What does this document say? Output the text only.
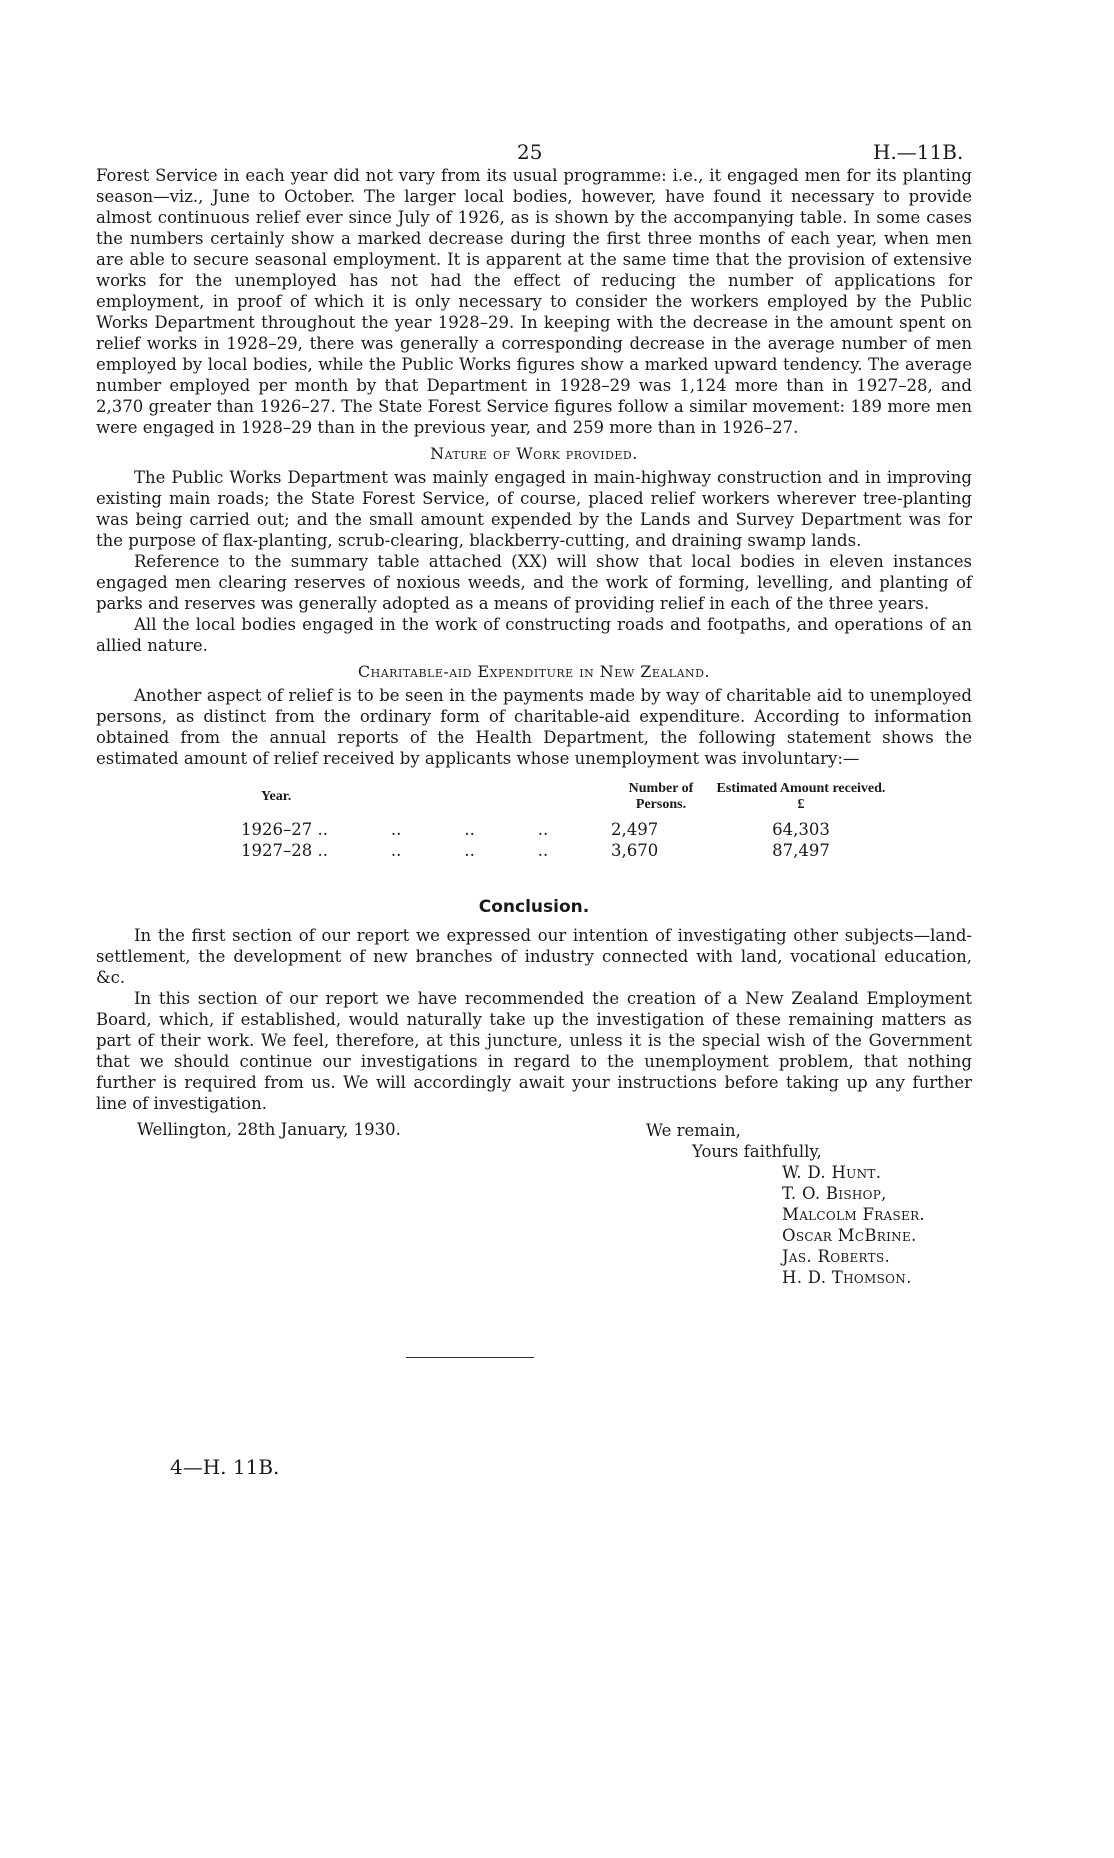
25	H.—11B.

Forest Service in each year did not vary from its usual programme: i.e., it engaged men for its planting season—viz., June to October. The larger local bodies, however, have found it necessary to provide almost continuous relief ever since July of 1926, as is shown by the accompanying table. In some cases the numbers certainly show a marked decrease during the first three months of each year, when men are able to secure seasonal employment. It is apparent at the same time that the provision of extensive works for the unemployed has not had the effect of reducing the number of applications for employment, in proof of which it is only necessary to consider the workers employed by the Public Works Department throughout the year 1928–29. In keeping with the decrease in the amount spent on relief works in 1928–29, there was generally a corresponding decrease in the average number of men employed by local bodies, while the Public Works figures show a marked upward tendency. The average number employed per month by that Department in 1928–29 was 1,124 more than in 1927–28, and 2,370 greater than 1926–27. The State Forest Service figures follow a similar movement: 189 more men were engaged in 1928–29 than in the previous year, and 259 more than in 1926–27.

Nature of Work provided.

The Public Works Department was mainly engaged in main-highway construction and in improving existing main roads; the State Forest Service, of course, placed relief workers wherever tree-planting was being carried out; and the small amount expended by the Lands and Survey Department was for the purpose of flax-planting, scrub-clearing, blackberry-cutting, and draining swamp lands.

Reference to the summary table attached (XX) will show that local bodies in eleven instances engaged men clearing reserves of noxious weeds, and the work of forming, levelling, and planting of parks and reserves was generally adopted as a means of providing relief in each of the three years.

All the local bodies engaged in the work of constructing roads and footpaths, and operations of an allied nature.

Charitable-aid Expenditure in New Zealand.

Another aspect of relief is to be seen in the payments made by way of charitable aid to unemployed persons, as distinct from the ordinary form of charitable-aid expenditure. According to information obtained from the annual reports of the Health Department, the following statement shows the estimated amount of relief received by applicants whose unemployment was involuntary:—

Year.	Number of Persons.	Estimated Amount received.
£
1926–27 ..            ..            ..            ..	2,497	64,303
1927–28 ..            ..            ..            ..	3,670	87,497
Conclusion.

In the first section of our report we expressed our intention of investigating other subjects—land-settlement, the development of new branches of industry connected with land, vocational education, &c.

In this section of our report we have recommended the creation of a New Zealand Employment Board, which, if established, would naturally take up the investigation of these remaining matters as part of their work. We feel, therefore, at this juncture, unless it is the special wish of the Government that we should continue our investigations in regard to the unemployment problem, that nothing further is required from us. We will accordingly await your instructions before taking up any further line of investigation.

We remain,
Yours faithfully,
W. D. Hunt.
T. O. Bishop,
Malcolm Fraser.
Oscar McBrine.
Jas. Roberts.
H. D. Thomson.
Wellington, 28th January, 1930.
4—H. 11B.
